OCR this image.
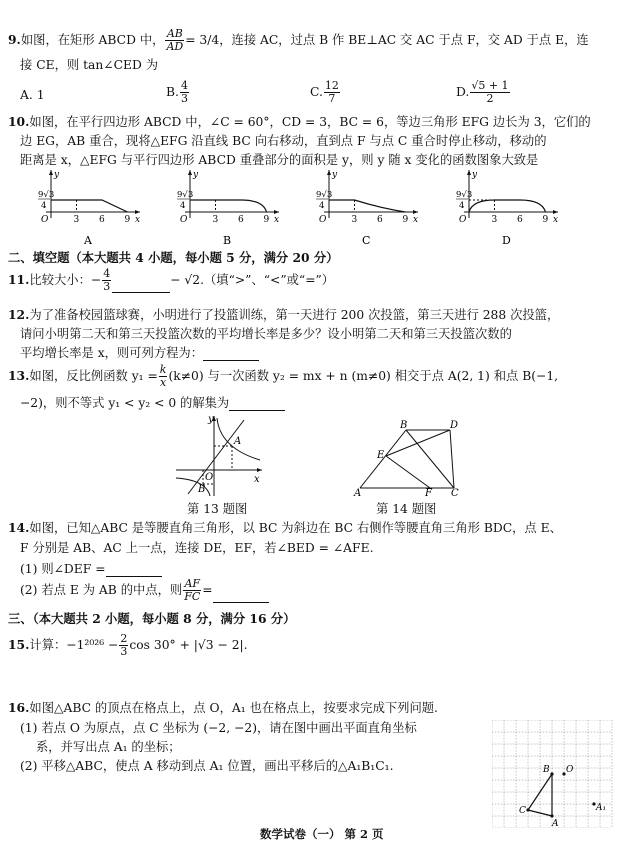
9.如图，在矩形 ABCD 中， $\frac{AB}{AD} = 3/4$，连接 AC，过点 B 作 BE⊥AC 交 AC 于点 F，交 AD 于点 E，连
接 CE，则 tan∠CED 为
A. 1	B. $\frac{4}{3}$	C. $\frac{12}{7}$	D. $\frac{√5 + 1}{2}$
10.如图，在平行四边形 ABCD 中，∠C = 60°，CD = 3，BC = 6，等边三角形 EFG 边长为 3，它们的
边 EG，AB 重合，现将△EFG 沿直线 BC 向右移动，直到点 F 与点 C 重合时停止移动，移动的
距离是 x，△EFG 与平行四边形 ABCD 重叠部分的面积是 y，则 y 随 x 变化的函数图象大致是
9√3
4
y
x
O	3 6 9
A
9√3
4
y
x
O	3 6 9
B
9√3
4
y
x
O	3 6 9
C
9√3
4
y
x
O	3 6 9
D
二、填空题（本大题共 4 小题，每小题 5 分，满分 20 分）
11.比较大小：− $\frac{4}{3}$	− √2.（填“>”、“<”或“=”）
12.为了准备校园篮球赛，小明进行了投篮训练，第一天进行 200 次投篮，第三天进行 288 次投篮，
请问小明第二天和第三天投篮次数的平均增长率是多少？设小明第二天和第三天投篮次数的
平均增长率是 x，则可列方程为：
13.如图，反比例函数 $y_1 = \frac{k}{x} (k\ne 0)$ 与一次函数 y₂ = mx + n (m≠0) 相交于点 A(2, 1) 和点 B(−1,
−2)，则不等式 y₁ < y₂ < 0 的解集为
y
x
A
B
O
第 13 题图
B	D
E
A	F C
第 14 题图
14.如图，已知△ABC 是等腰直角三角形，以 BC 为斜边在 BC 右侧作等腰直角三角形 BDC，点 E、
F 分别是 AB、AC 上一点，连接 DE，EF，若∠BED = ∠AFE.
(1) 则∠DEF =
(2) 若点 E 为 AB 的中点，则 $\frac{AF}{FC}$ =
三、（本大题共 2 小题，每小题 8 分，满分 16 分）
15.计算：$-1^{2026} - \frac{2}{3}$ cos 30° + |√3 − 2|.
16.如图△ABC 的顶点在格点上，点 O，A₁ 也在格点上，按要求完成下列问题.
(1) 若点 O 为原点，点 C 坐标为 (−2, −2)，请在图中画出平面直角坐标
系，并写出点 A₁ 的坐标；
(2) 平移△ABC，使点 A 移动到点 A₁ 位置，画出平移后的△A₁B₁C₁.	B O
C
A
A₁
数学试卷（一） 第 2 页
